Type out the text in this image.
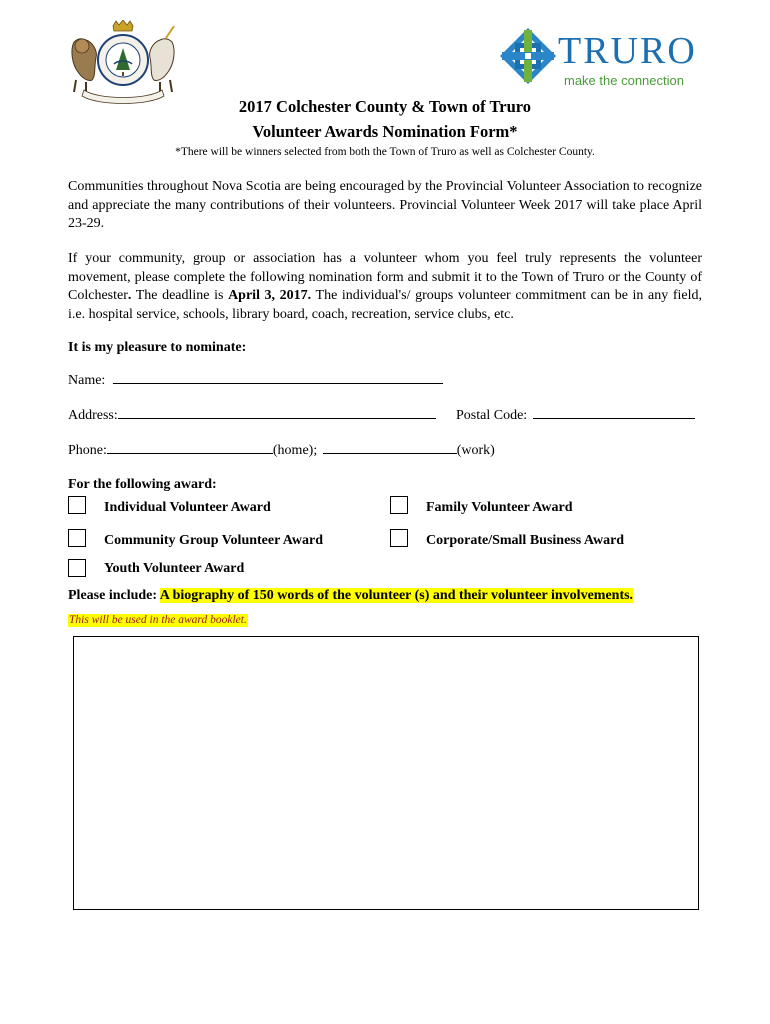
TRURO
make the connection
2017 Colchester County & Town of Truro
Volunteer Awards Nomination Form*
*There will be winners selected from both the Town of Truro as well as Colchester County.
Communities throughout Nova Scotia are being encouraged by the Provincial Volunteer Association to recognize and appreciate the many contributions of their volunteers. Provincial Volunteer Week 2017 will take place April 23-29.
If your community, group or association has a volunteer whom you feel truly represents the volunteer movement, please complete the following nomination form and submit it to the Town of Truro or the County of Colchester. The deadline is April 3, 2017. The individual's/ groups volunteer commitment can be in any field, i.e. hospital service, schools, library board, coach, recreation, service clubs, etc.
It is my pleasure to nominate:
Name:
Address:	Postal Code:
Phone:	(home);	(work)
For the following award:
Individual Volunteer Award	Family Volunteer Award
Community Group Volunteer Award	Corporate/Small Business Award
Youth Volunteer Award
Please include: A biography of 150 words of the volunteer (s) and their volunteer involvements.
This will be used in the award booklet.
